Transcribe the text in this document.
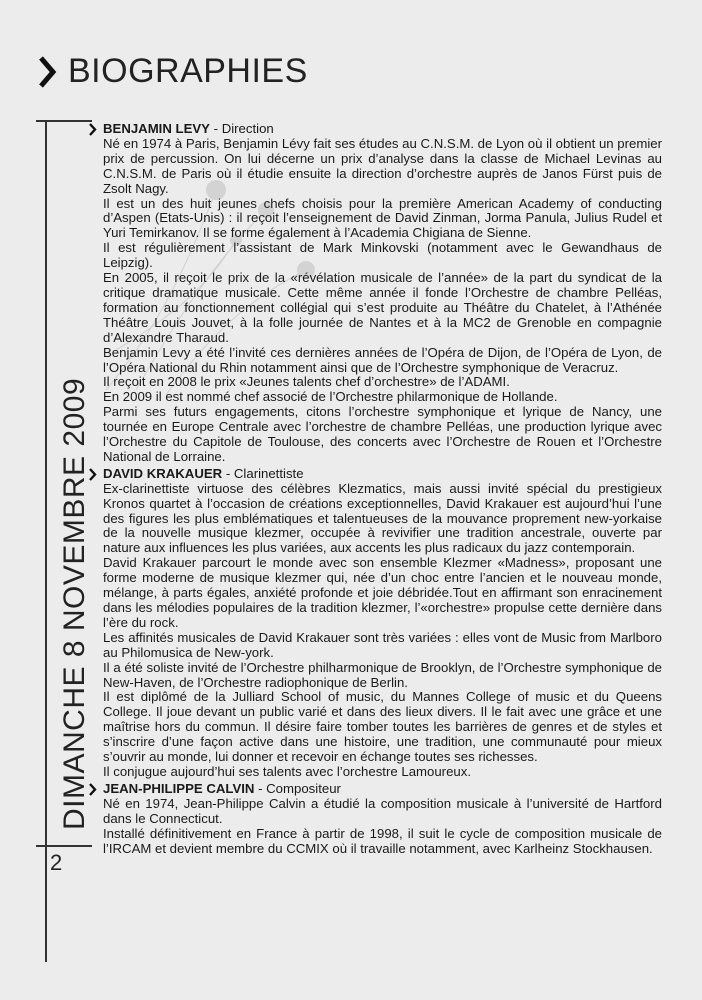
BIOGRAPHIES
DIMANCHE 8 NOVEMBRE 2009
2
BENJAMIN LEVY - Direction

Né en 1974 à Paris, Benjamin Lévy fait ses études au C.N.S.M. de Lyon où il obtient un premier prix de percussion. On lui décerne un prix d’analyse dans la classe de Michael Levinas au C.N.S.M. de Paris où il étudie ensuite la direction d’orchestre auprès de Janos Fürst puis de Zsolt Nagy.

Il est un des huit jeunes chefs choisis pour la première American Academy of conducting d’Aspen (Etats-Unis) : il reçoit l’enseignement de David Zinman, Jorma Panula, Julius Rudel et Yuri Temirkanov. Il se forme également à l’Academia Chigiana de Sienne.

Il est régulièrement l’assistant de Mark Minkovski (notamment avec le Gewandhaus de Leipzig).

En 2005, il reçoit le prix de la «révélation musicale de l’année» de la part du syndicat de la critique dramatique musicale. Cette même année il fonde l’Orchestre de chambre Pelléas, formation au fonctionnement collégial qui s’est produite au Théâtre du Chatelet, à l’Athénée Théâtre Louis Jouvet, à la folle journée de Nantes et à la MC2 de Grenoble en compagnie d’Alexandre Tharaud.

Benjamin Levy a été l’invité ces dernières années de l’Opéra de Dijon, de l’Opéra de Lyon, de l’Opéra National du Rhin notamment ainsi que de l’Orchestre symphonique de Veracruz.

Il reçoit en 2008 le prix «Jeunes talents chef d’orchestre» de l’ADAMI.

En 2009 il est nommé chef associé de l’Orchestre philarmonique de Hollande.

Parmi ses futurs engagements, citons l’orchestre symphonique et lyrique de Nancy, une tournée en Europe Centrale avec l’orchestre de chambre Pelléas, une production lyrique avec l’Orchestre du Capitole de Toulouse, des concerts avec l’Orchestre de Rouen et l’Orchestre National de Lorraine.

DAVID KRAKAUER - Clarinettiste

Ex-clarinettiste virtuose des célèbres Klezmatics, mais aussi invité spécial du prestigieux Kronos quartet à l’occasion de créations exceptionnelles, David Krakauer est aujourd’hui l’une des figures les plus emblématiques et talentueuses de la mouvance proprement new-yorkaise de la nouvelle musique klezmer, occupée à revivifier une tradition ancestrale, ouverte par nature aux influences les plus variées, aux accents les plus radicaux du jazz contemporain.

David Krakauer parcourt le monde avec son ensemble Klezmer «Madness», proposant une forme moderne de musique klezmer qui, née d’un choc entre l’ancien et le nouveau monde, mélange, à parts égales, anxiété profonde et joie débridée.Tout en affirmant son enracinement dans les mélodies populaires de la tradition klezmer, l’«orchestre» propulse cette dernière dans l’ère du rock.

Les affinités musicales de David Krakauer sont très variées : elles vont de Music from Marlboro au Philomusica de New-york.

Il a été soliste invité de l’Orchestre philharmonique de Brooklyn, de l’Orchestre symphonique de New-Haven, de l’Orchestre radiophonique de Berlin.

Il est diplômé de la Julliard School of music, du Mannes College of music et du Queens College. Il joue devant un public varié et dans des lieux divers. Il le fait avec une grâce et une maîtrise hors du commun. Il désire faire tomber toutes les barrières de genres et de styles et s’inscrire d’une façon active dans une histoire, une tradition, une communauté pour mieux s’ouvrir au monde, lui donner et recevoir en échange toutes ses richesses.

Il conjugue aujourd’hui ses talents avec l’orchestre Lamoureux.

JEAN-PHILIPPE CALVIN - Compositeur

Né en 1974, Jean-Philippe Calvin a étudié la composition musicale à l’université de Hartford dans le Connecticut.

Installé définitivement en France à partir de 1998, il suit le cycle de composition musicale de l’IRCAM et devient membre du CCMIX où il travaille notamment, avec Karlheinz Stockhausen.
